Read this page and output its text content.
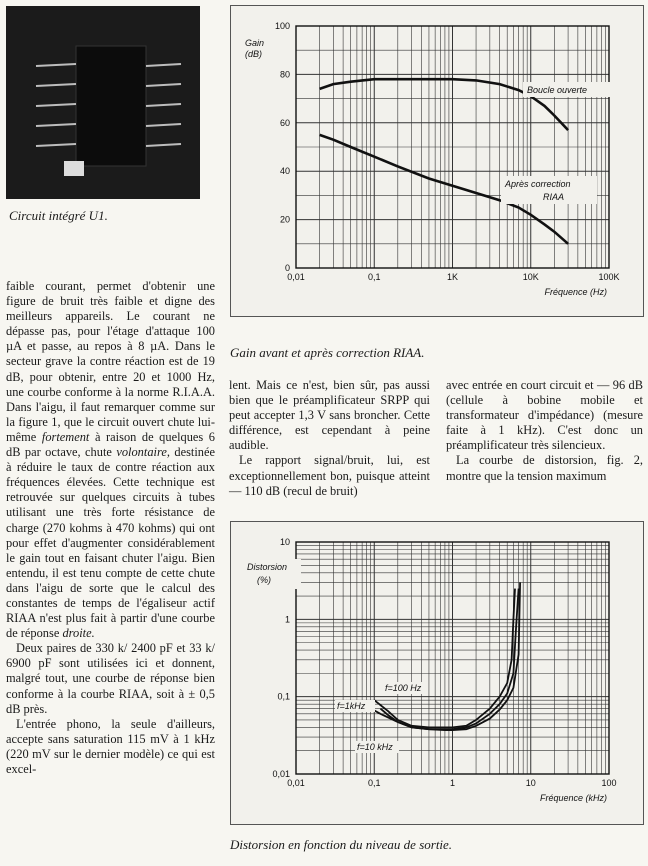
Circuit intégré U1.
0
20
40
60
80
100
0,01	0,1	1K	10K	100K
Gain
(dB)
Fréquence (Hz)
Boucle ouverte
Après correction
RIAA
Gain avant et après correction RIAA.
0,01
0,1
1
10
0,01	0,1	1	10	100
Distorsion
(%)
Fréquence (kHz)
f=100 Hz
f=1kHz
f=10 kHz
Distorsion en fonction du niveau de sortie.

faible courant, permet d'obtenir une figure de bruit très faible et digne des meilleurs appareils. Le courant ne dépasse pas, pour l'étage d'attaque 100 µA et passe, au repos à 8 µA. Dans le secteur grave la contre réaction est de 19 dB, pour obtenir, entre 20 et 1000 Hz, une courbe conforme à la norme R.I.A.A. Dans l'aigu, il faut remarquer comme sur la figure 1, que le circuit ouvert chute lui-même fortement à raison de quelques 6 dB par octave, chute volontaire, destinée à réduire le taux de contre réaction aux fréquences élevées. Cette technique est retrouvée sur quelques circuits à tubes utilisant une très forte résistance de charge (270 kohms à 470 kohms) qui ont pour effet d'augmenter considérablement le gain tout en faisant chuter l'aigu. Bien entendu, il est tenu compte de cette chute dans l'aigu de sorte que le calcul des constantes de temps de l'égaliseur actif RIAA n'est plus fait à partir d'une courbe de réponse droite.

Deux paires de 330 k/ 2400 pF et 33 k/ 6900 pF sont utilisées ici et donnent, malgré tout, une courbe de réponse bien conforme à la courbe RIAA, soit à ± 0,5 dB près.

L'entrée phono, la seule d'ailleurs, accepte sans saturation 115 mV à 1 kHz (220 mV sur le dernier modèle) ce qui est excel-

lent. Mais ce n'est, bien sûr, pas aussi bien que le préamplificateur SRPP qui peut accepter 1,3 V sans broncher. Cette différence, est cependant à peine audible.

Le rapport signal/bruit, lui, est exceptionnellement bon, puisque atteint — 110 dB (recul de bruit)

avec entrée en court circuit et — 96 dB (cellule à bobine mobile et transformateur d'impédance) (mesure faite à 1 kHz). C'est donc un préamplificateur très silencieux.

La courbe de distorsion, fig. 2, montre que la tension maximum
